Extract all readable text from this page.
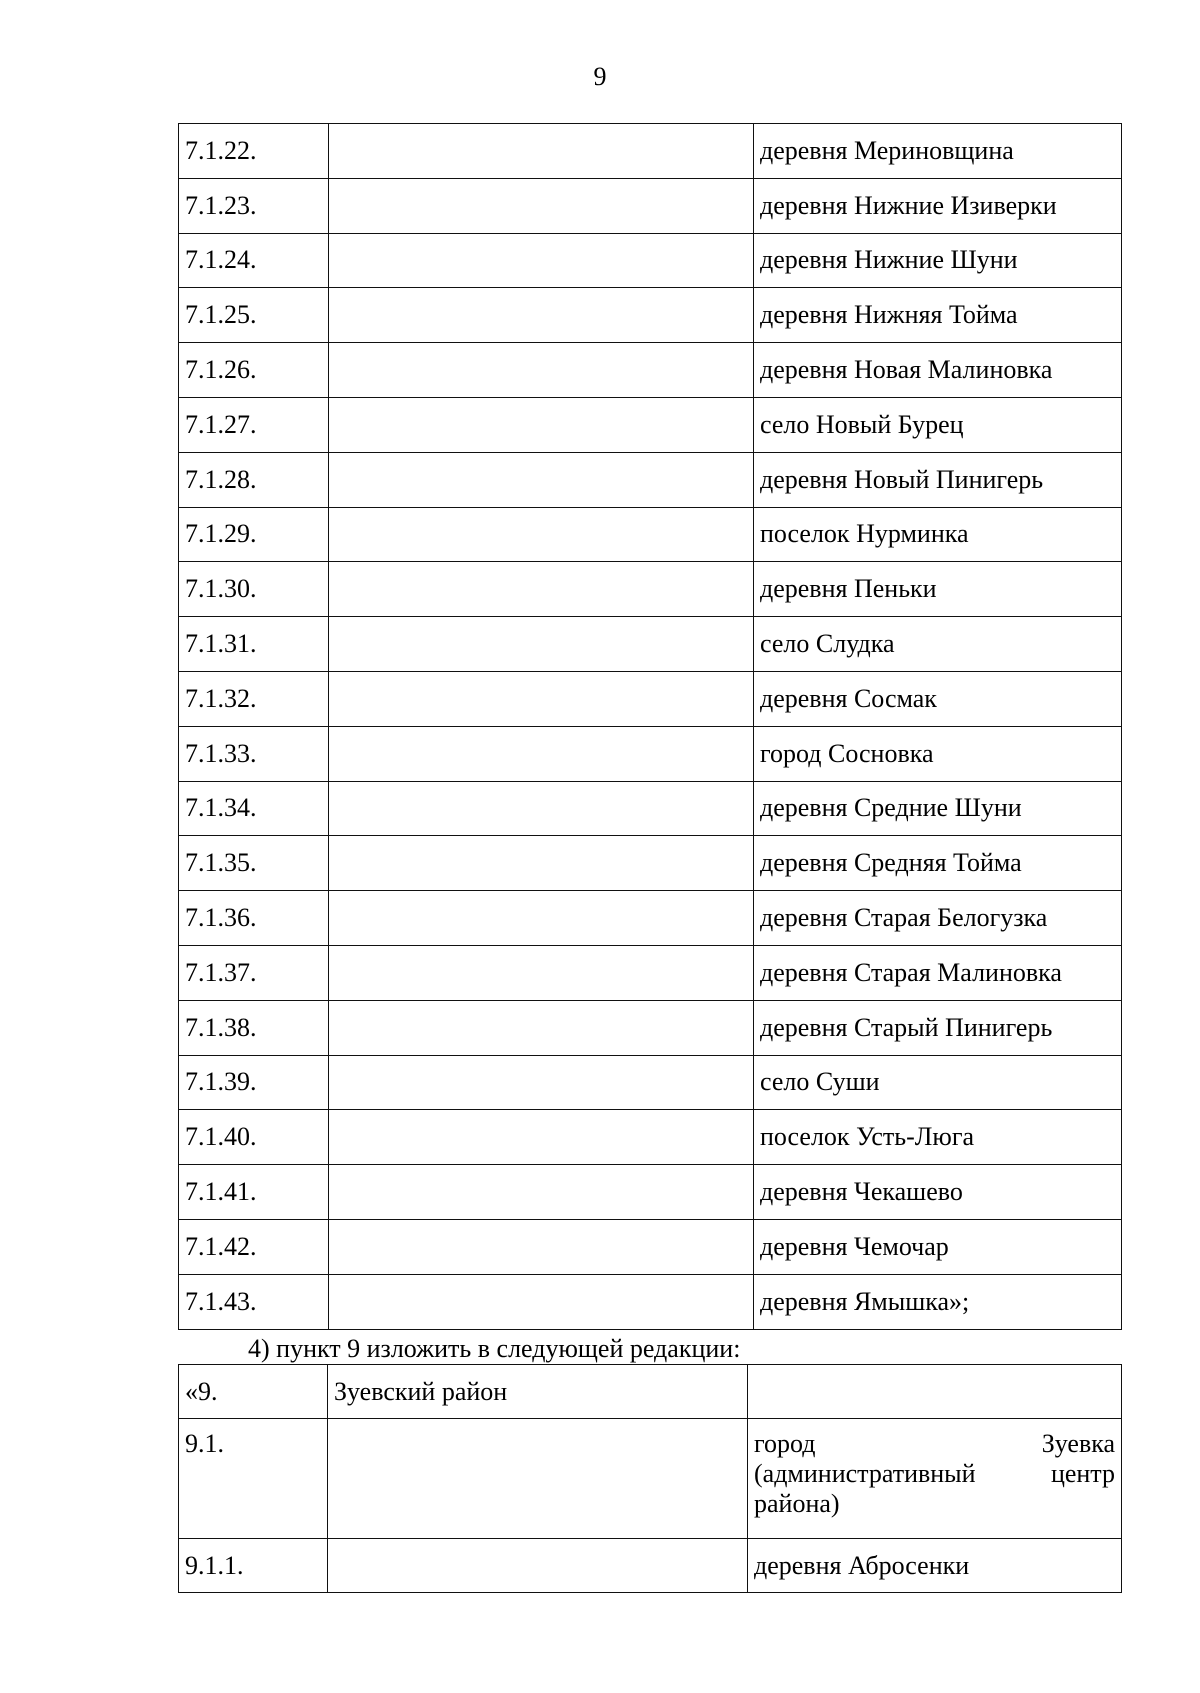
9
7.1.22.		деревня Мериновщина
7.1.23.		деревня Нижние Изиверки
7.1.24.		деревня Нижние Шуни
7.1.25.		деревня Нижняя Тойма
7.1.26.		деревня Новая Малиновка
7.1.27.		село Новый Бурец
7.1.28.		деревня Новый Пинигерь
7.1.29.		поселок Нурминка
7.1.30.		деревня Пеньки
7.1.31.		село Слудка
7.1.32.		деревня Сосмак
7.1.33.		город Сосновка
7.1.34.		деревня Средние Шуни
7.1.35.		деревня Средняя Тойма
7.1.36.		деревня Старая Белогузка
7.1.37.		деревня Старая Малиновка
7.1.38.		деревня Старый Пинигерь
7.1.39.		село Суши
7.1.40.		поселок Усть-Люга
7.1.41.		деревня Чекашево
7.1.42.		деревня Чемочар
7.1.43.		деревня Ямышка»;
4) пункт 9 изложить в следующей редакции:
«9.	Зуевский район	
9.1.		город Зуевка
(административный центр
района)

9.1.1.		деревня Абросенки
